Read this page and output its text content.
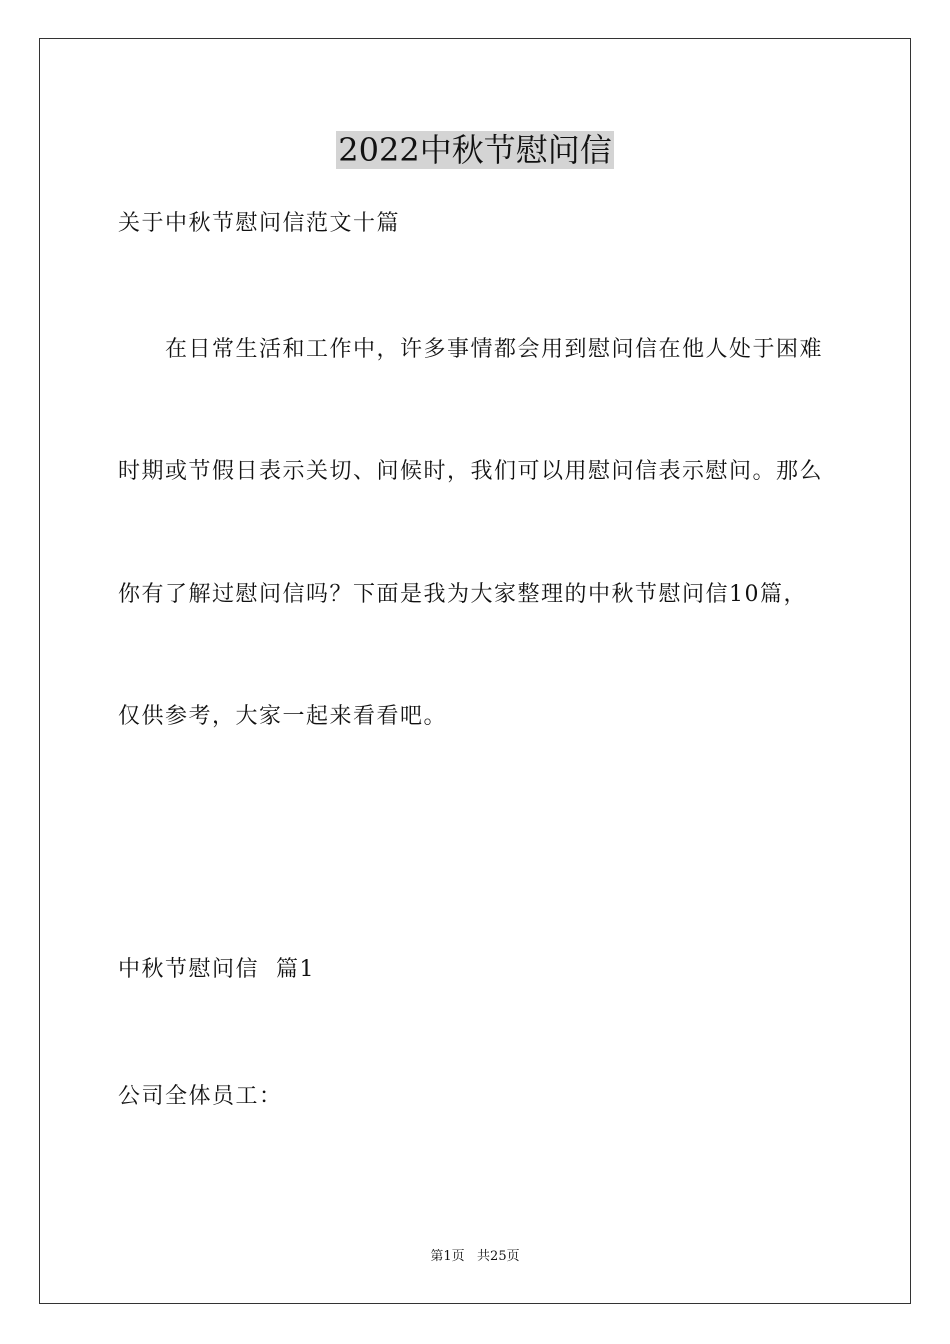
2022中秋节慰问信
关于中秋节慰问信范文十篇
在日常生活和工作中，许多事情都会用到慰问信在他人处于困难
时期或节假日表示关切、问候时，我们可以用慰问信表示慰问。那么
你有了解过慰问信吗？下面是我为大家整理的中秋节慰问信10篇，
仅供参考，大家一起来看看吧。
中秋节慰问信  篇1
公司全体员工：
第1页   共25页
